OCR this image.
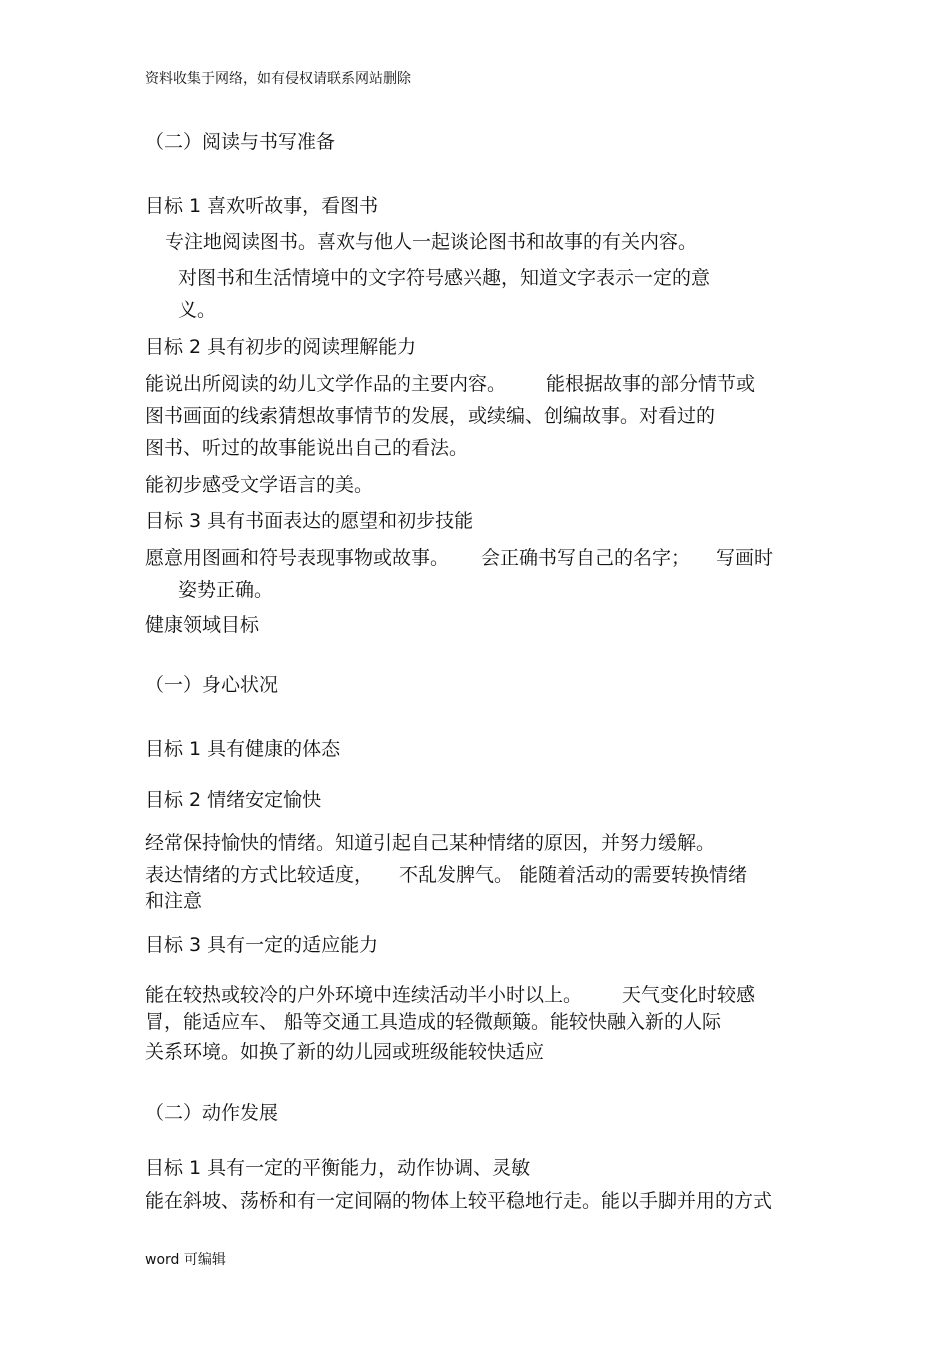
资料收集于网络，如有侵权请联系网站删除
（二）阅读与书写准备
目标 1 喜欢听故事，看图书
专注地阅读图书。喜欢与他人一起谈论图书和故事的有关内容。
对图书和生活情境中的文字符号感兴趣，知道文字表示一定的意
义。
目标 2 具有初步的阅读理解能力
能说出所阅读的幼儿文学作品的主要内容。 能根据故事的部分情节或
图书画面的线索猜想故事情节的发展，或续编、创编故事。对看过的
图书、听过的故事能说出自己的看法。
能初步感受文学语言的美。
目标 3 具有书面表达的愿望和初步技能
愿意用图画和符号表现事物或故事。 会正确书写自己的名字； 写画时
姿势正确。
健康领域目标
（一）身心状况
目标 1 具有健康的体态
目标 2 情绪安定愉快
经常保持愉快的情绪。知道引起自己某种情绪的原因，并努力缓解。
表达情绪的方式比较适度， 不乱发脾气。 能随着活动的需要转换情绪
和注意
目标 3 具有一定的适应能力
能在较热或较冷的户外环境中连续活动半小时以上。 天气变化时较感
冒，能适应车、 船等交通工具造成的轻微颠簸。能较快融入新的人际
关系环境。如换了新的幼儿园或班级能较快适应
（二）动作发展
目标 1 具有一定的平衡能力，动作协调、灵敏
能在斜坡、荡桥和有一定间隔的物体上较平稳地行走。能以手脚并用的方式
word 可编辑
